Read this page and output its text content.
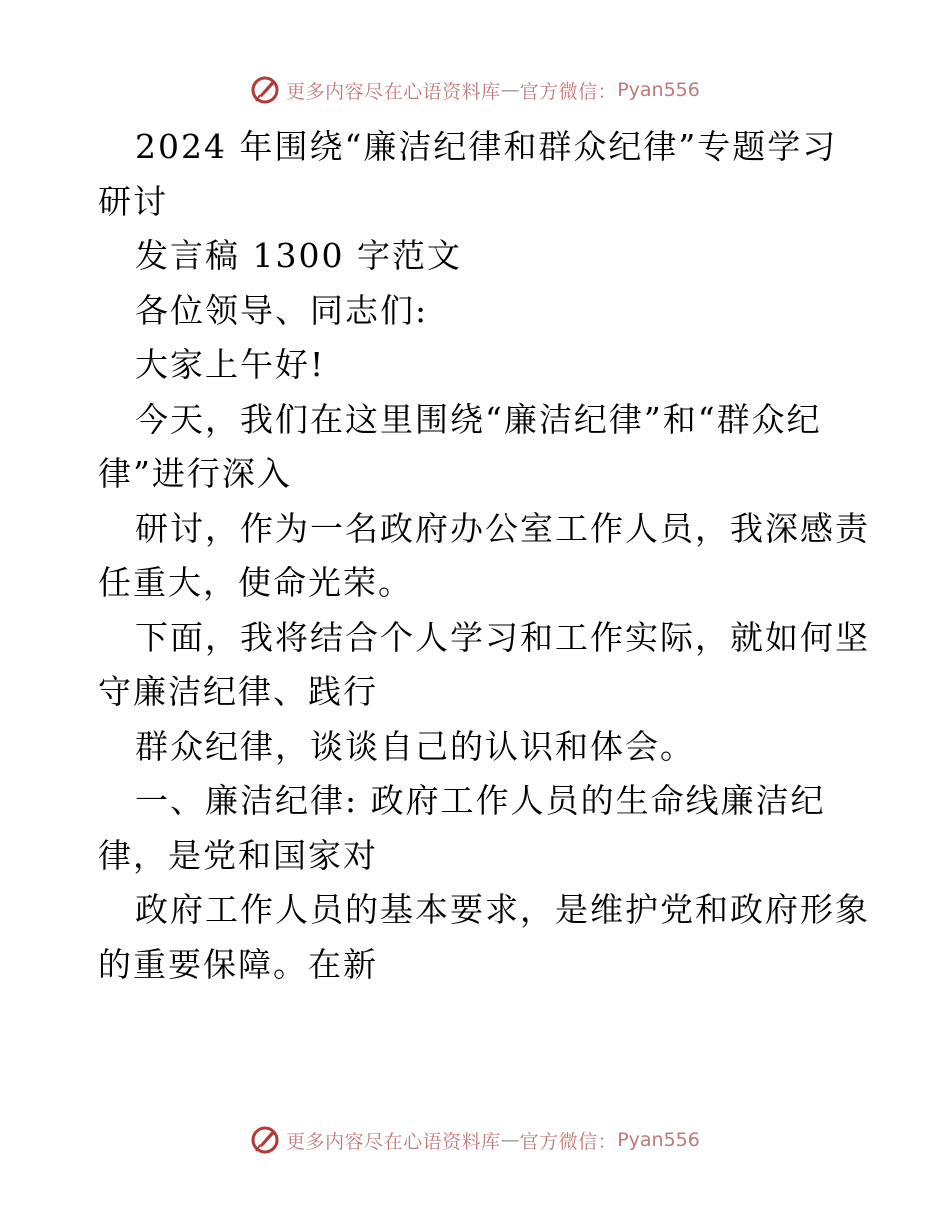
更多内容尽在心语资料库 — 官方微信： Pyan556
2024 年围绕“廉洁纪律和群众纪律”专题学习
研讨
发言稿 1300 字范文
各位领导、同志们:
大家上午好!
今天，我们在这里围绕“廉洁纪律”和“群众纪
律”进行深入
研讨，作为一名政府办公室工作人员，我深感责
任重大，使命光荣。
下面，我将结合个人学习和工作实际，就如何坚
守廉洁纪律、践行
群众纪律，谈谈自己的认识和体会。
一、廉洁纪律: 政府工作人员的生命线廉洁纪
律，是党和国家对
政府工作人员的基本要求，是维护党和政府形象
的重要保障。在新
更多内容尽在心语资料库 — 官方微信： Pyan556
